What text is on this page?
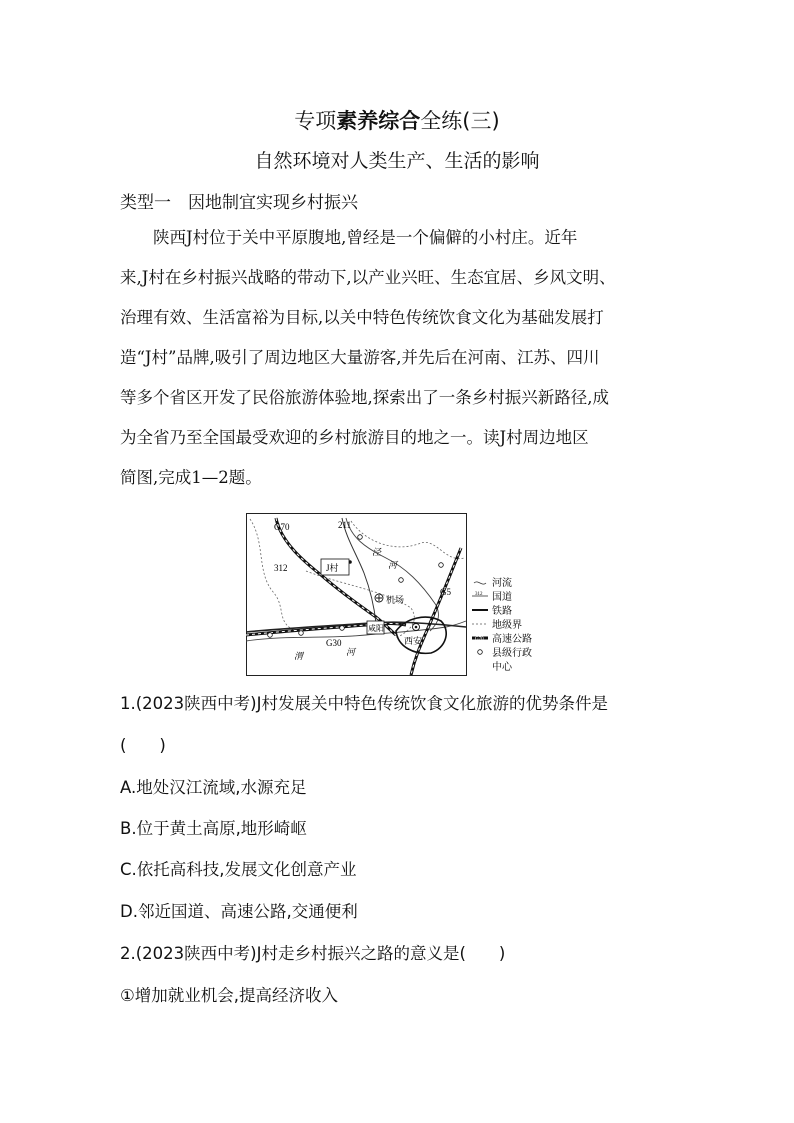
专项素养综合全练(三)
自然环境对人类生产、生活的影响
类型一　因地制宜实现乡村振兴
　　陕西J村位于关中平原腹地,曾经是一个偏僻的小村庄。近年
来,J村在乡村振兴战略的带动下,以产业兴旺、生态宜居、乡风文明、
治理有效、生活富裕为目标,以关中特色传统饮食文化为基础发展打
造“J村”品牌,吸引了周边地区大量游客,并先后在河南、江苏、四川
等多个省区开发了民俗旅游体验地,探索出了一条乡村振兴新路径,成
为全省乃至全国最受欢迎的乡村旅游目的地之一。读J村周边地区
简图,完成1—2题。
G70	211
312	J村
泾
河
机场
G5
G30
咸阳
西安
渭	河
河流
312 国道
铁路
地级界
G70 高速公路
县级行政
中心
1.(2023陕西中考)J村发展关中特色传统饮食文化旅游的优势条件是
(　　)
A.地处汉江流域,水源充足
B.位于黄土高原,地形崎岖
C.依托高科技,发展文化创意产业
D.邻近国道、高速公路,交通便利
2.(2023陕西中考)J村走乡村振兴之路的意义是(　　)
①增加就业机会,提高经济收入
